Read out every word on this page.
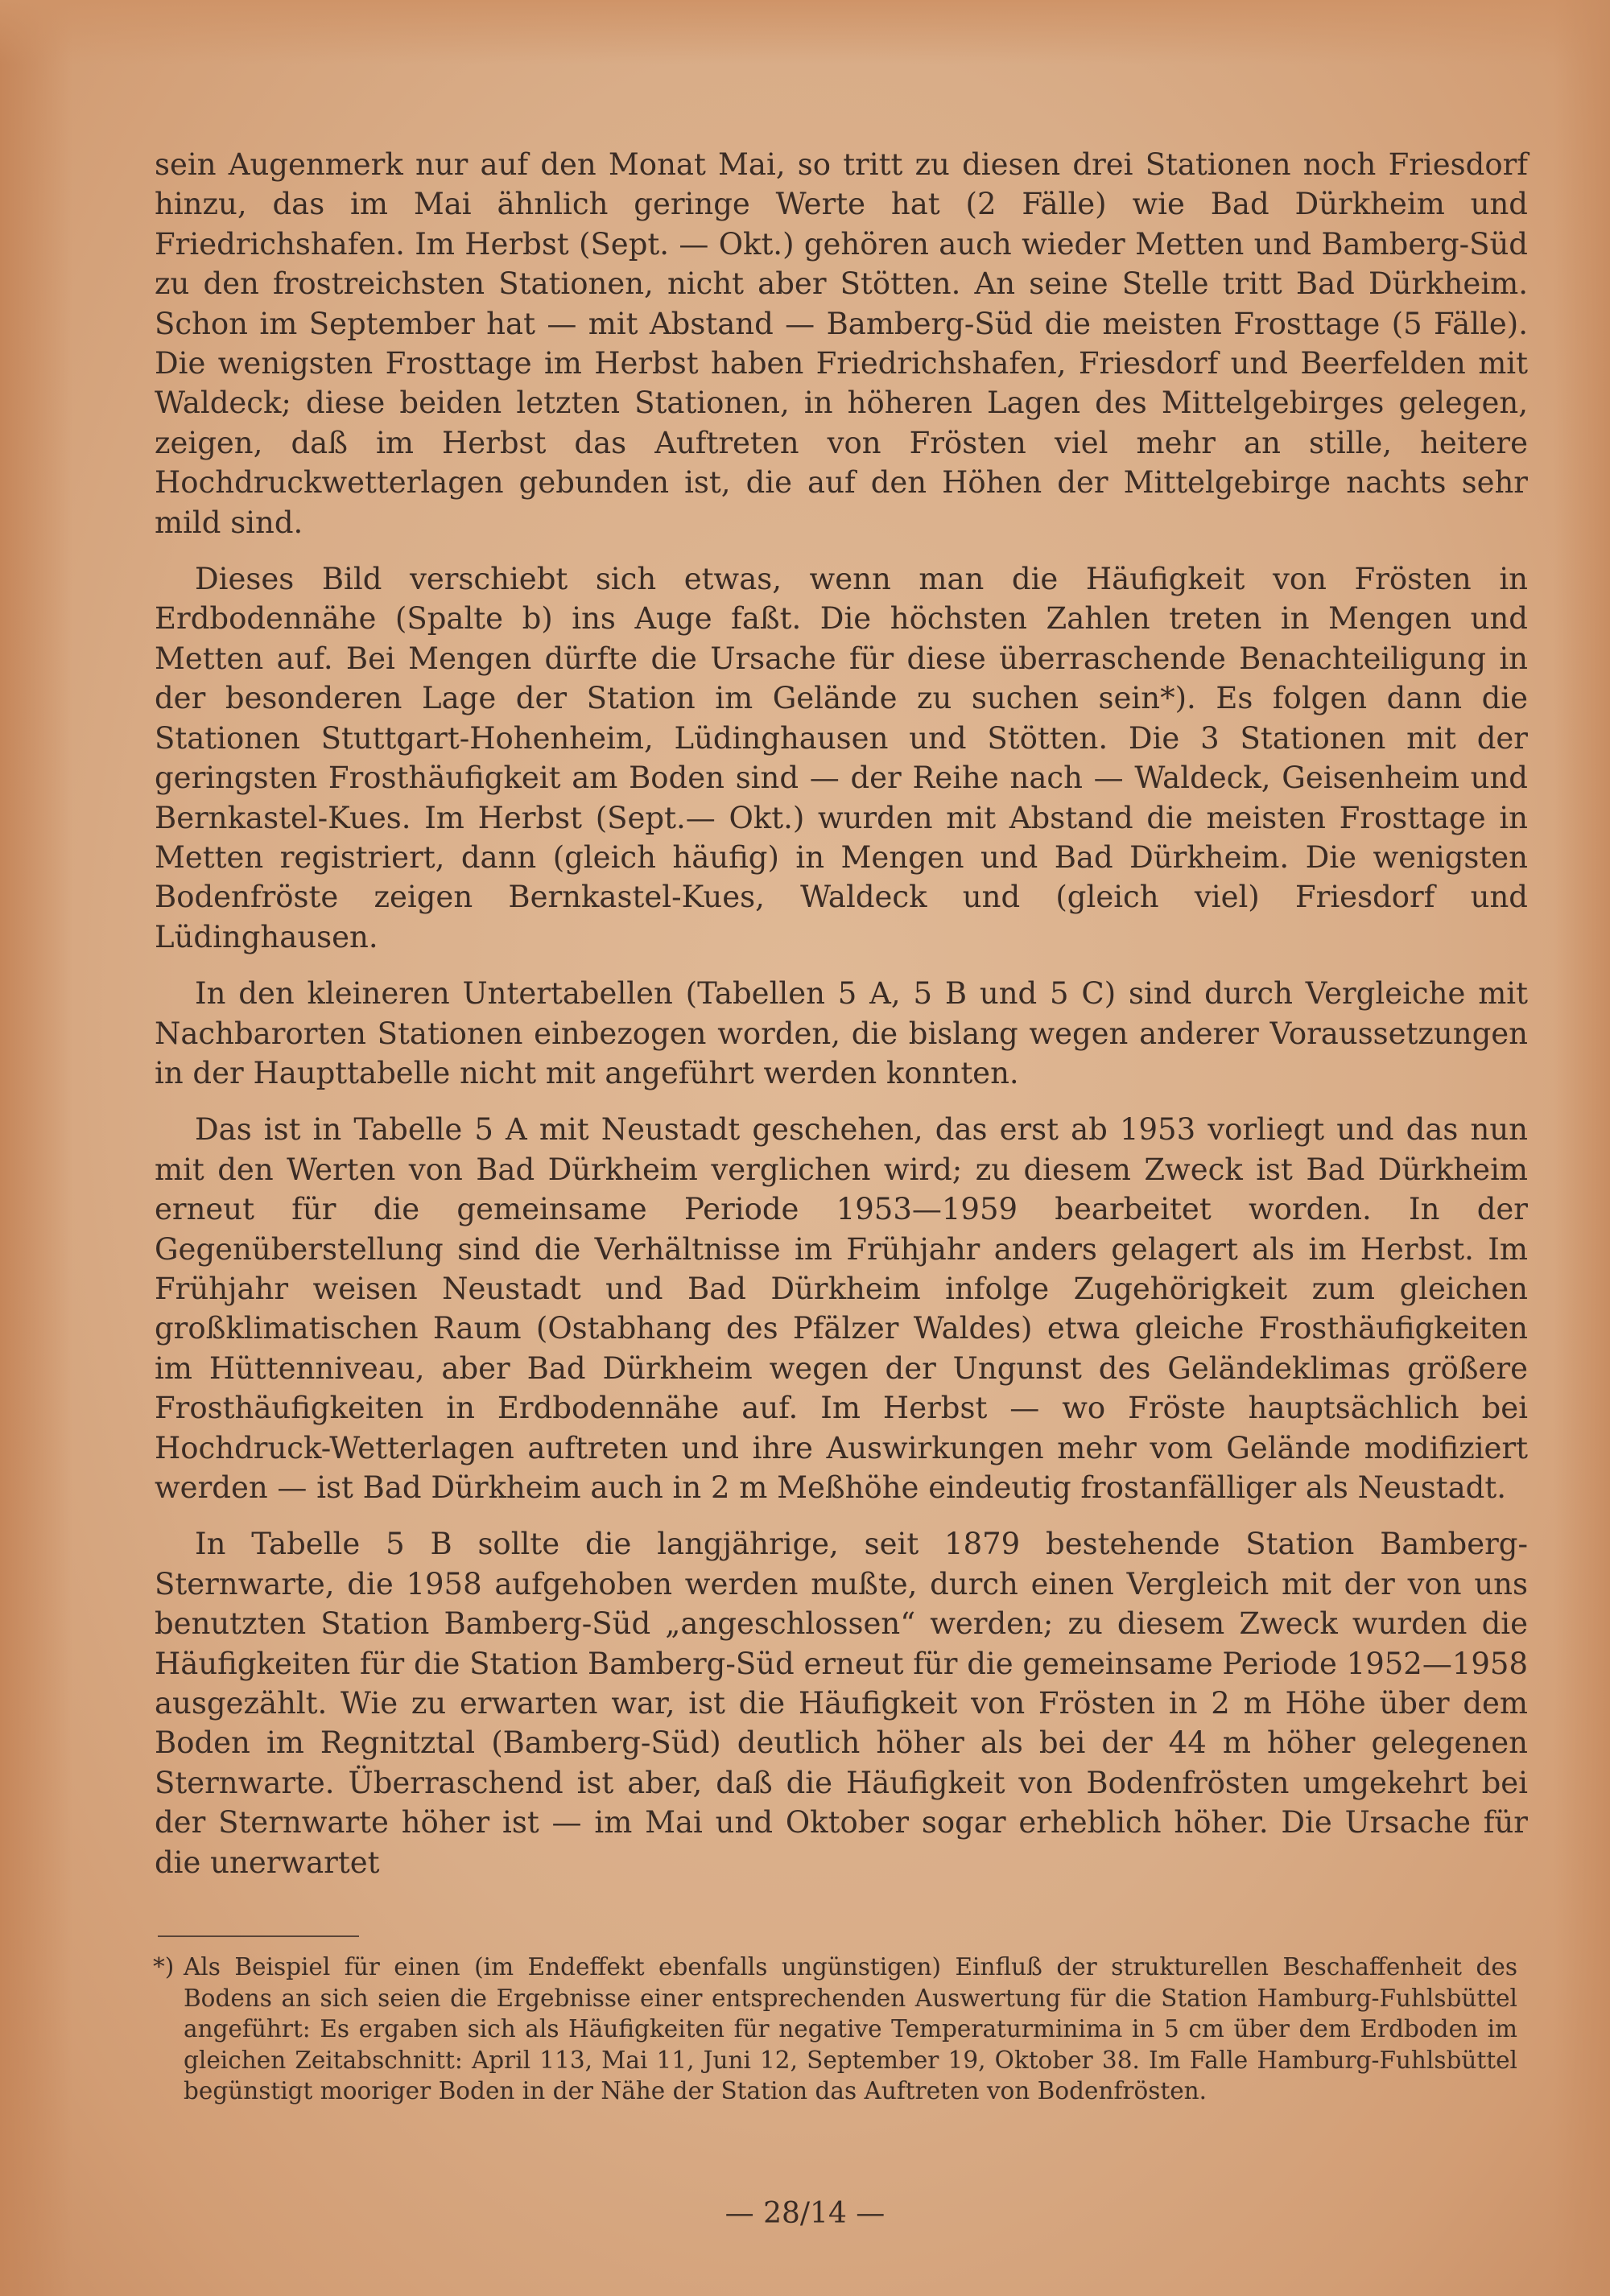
sein Augenmerk nur auf den Monat Mai, so tritt zu diesen drei Stationen noch Friesdorf hinzu, das im Mai ähnlich geringe Werte hat (2 Fälle) wie Bad Dürkheim und Friedrichshafen. Im Herbst (Sept. — Okt.) gehören auch wieder Metten und Bamberg-Süd zu den frostreichsten Stationen, nicht aber Stötten. An seine Stelle tritt Bad Dürkheim. Schon im September hat — mit Abstand — Bamberg-Süd die meisten Frosttage (5 Fälle). Die wenigsten Frosttage im Herbst haben Friedrichshafen, Friesdorf und Beerfelden mit Waldeck; diese beiden letzten Stationen, in höheren Lagen des Mittelgebirges gelegen, zeigen, daß im Herbst das Auftreten von Frösten viel mehr an stille, heitere Hochdruckwetterlagen gebunden ist, die auf den Höhen der Mittelgebirge nachts sehr mild sind.

Dieses Bild verschiebt sich etwas, wenn man die Häufigkeit von Frösten in Erdbodennähe (Spalte b) ins Auge faßt. Die höchsten Zahlen treten in Mengen und Metten auf. Bei Mengen dürfte die Ursache für diese überraschende Benachteiligung in der besonderen Lage der Station im Gelände zu suchen sein*). Es folgen dann die Stationen Stuttgart-Hohenheim, Lüdinghausen und Stötten. Die 3 Stationen mit der geringsten Frosthäufigkeit am Boden sind — der Reihe nach — Waldeck, Geisenheim und Bernkastel-Kues. Im Herbst (Sept.— Okt.) wurden mit Abstand die meisten Frosttage in Metten registriert, dann (gleich häufig) in Mengen und Bad Dürkheim. Die wenigsten Bodenfröste zeigen Bernkastel-Kues, Waldeck und (gleich viel) Friesdorf und Lüdinghausen.

In den kleineren Untertabellen (Tabellen 5 A, 5 B und 5 C) sind durch Vergleiche mit Nachbarorten Stationen einbezogen worden, die bislang wegen anderer Voraussetzungen in der Haupttabelle nicht mit angeführt werden konnten.

Das ist in Tabelle 5 A mit Neustadt geschehen, das erst ab 1953 vorliegt und das nun mit den Werten von Bad Dürkheim verglichen wird; zu diesem Zweck ist Bad Dürkheim erneut für die gemeinsame Periode 1953—1959 bearbeitet worden. In der Gegenüberstellung sind die Verhältnisse im Frühjahr anders gelagert als im Herbst. Im Frühjahr weisen Neustadt und Bad Dürkheim infolge Zugehörigkeit zum gleichen großklimatischen Raum (Ostabhang des Pfälzer Waldes) etwa gleiche Frosthäufigkeiten im Hüttenniveau, aber Bad Dürkheim wegen der Ungunst des Geländeklimas größere Frosthäufigkeiten in Erdbodennähe auf. Im Herbst — wo Fröste hauptsächlich bei Hochdruck-Wetterlagen auftreten und ihre Auswirkungen mehr vom Gelände modifiziert werden — ist Bad Dürkheim auch in 2 m Meßhöhe eindeutig frostanfälliger als Neustadt.

In Tabelle 5 B sollte die langjährige, seit 1879 bestehende Station Bamberg-Sternwarte, die 1958 aufgehoben werden mußte, durch einen Vergleich mit der von uns benutzten Station Bamberg-Süd „angeschlossen“ werden; zu diesem Zweck wurden die Häufigkeiten für die Station Bamberg-Süd erneut für die gemeinsame Periode 1952—1958 ausgezählt. Wie zu erwarten war, ist die Häufigkeit von Frösten in 2 m Höhe über dem Boden im Regnitztal (Bamberg-Süd) deutlich höher als bei der 44 m höher gelegenen Sternwarte. Überraschend ist aber, daß die Häufigkeit von Bodenfrösten umgekehrt bei der Sternwarte höher ist — im Mai und Oktober sogar erheblich höher. Die Ursache für die unerwartet

*) Als Beispiel für einen (im Endeffekt ebenfalls ungünstigen) Einfluß der strukturellen Beschaffenheit des Bodens an sich seien die Ergebnisse einer entsprechenden Auswertung für die Station Hamburg-Fuhlsbüttel angeführt: Es ergaben sich als Häufigkeiten für negative Temperaturminima in 5 cm über dem Erdboden im gleichen Zeitabschnitt: April 113, Mai 11, Juni 12, September 19, Oktober 38. Im Falle Hamburg-Fuhlsbüttel begünstigt mooriger Boden in der Nähe der Station das Auftreten von Bodenfrösten.
— 28/14 —
